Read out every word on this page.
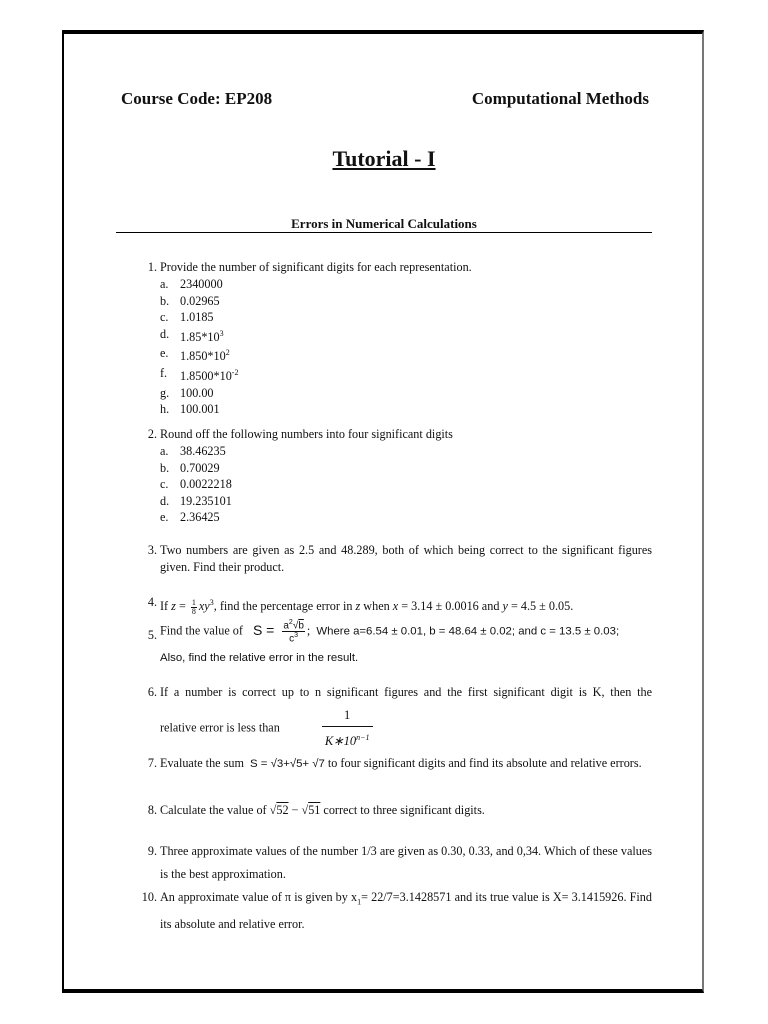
Course Code: EP208	Computational Methods
Tutorial - I
Errors in Numerical Calculations
1. Provide the number of significant digits for each representation.
a. 2340000
b. 0.02965
c. 1.0185
d. $1.85*10^3$
e. $1.850*10^2$
f. $1.8500*10^{-2}$
g. 100.00
h. 100.001
2. Round off the following numbers into four significant digits
a. 38.46235
b. 0.70029
c. 0.0022218
d. 19.235101
e. 2.36425
3. Two numbers are given as 2.5 and 48.289, both of which being correct to the significant figures given. Find their product.
4. If $z = \frac{1}{8} xy^3$, find the percentage error in z when x = 3.14 ± 0.0016 and y = 4.5 ± 0.05.
5. Find the value of $S = \frac{a^2√b}{c^3}$ ;  Where a=6.54 ± 0.01, b = 48.64 ± 0.02; and c = 13.5 ± 0.03;
Also, find the relative error in the result.
6. If a number is correct up to n significant figures and the first significant digit is K, then the
relative error is less than	$\frac{1}{K∗10^{n-1}}$
7. Evaluate the sum S = √3+√5+ √7 to four significant digits and find its absolute and relative errors.
8. Calculate the value of √52 − √51 correct to three significant digits.
9. Three approximate values of the number 1/3 are given as 0.30, 0.33, and 0,34. Which of these values is the best approximation.
10. An approximate value of π is given by $x_1= 22/7=3.1428571$ and its true value is X= 3.1415926. Find its absolute and relative error.
